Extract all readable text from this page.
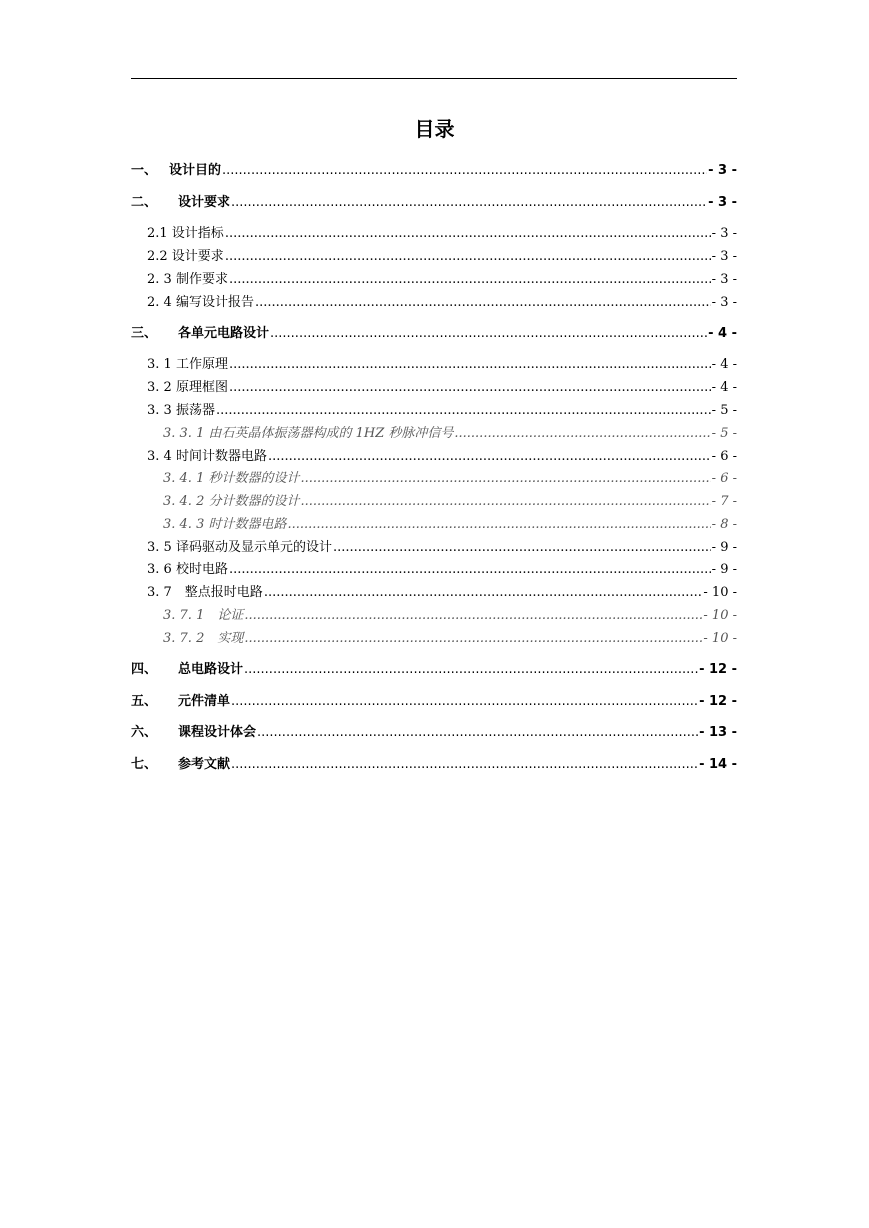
目录
一、 设计目的 .....	- 3 -
二、	设计要求 .....	- 3 -
2.1 设计指标 .....	- 3 -
2.2 设计要求 .....	- 3 -
2. 3 制作要求 .....	- 3 -
2. 4 编写设计报告 .....	- 3 -
三、	各单元电路设计 .....	- 4 -
3. 1 工作原理 .....	- 4 -
3. 2 原理框图 .....	- 4 -
3. 3 振荡器 .....	- 5 -
3. 3. 1 由石英晶体振荡器构成的 1HZ 秒脉冲信号 .....	- 5 -
3. 4 时间计数器电路 .....	- 6 -
3. 4. 1 秒计数器的设计 .....	- 6 -
3. 4. 2 分计数器的设计 .....	- 7 -
3. 4. 3 时计数器电路 .....	- 8 -
3. 5 译码驱动及显示单元的设计 .....	- 9 -
3. 6 校时电路 .....	- 9 -
3. 7　整点报时电路 .....	- 10 -
3. 7. 1　论证 .....	- 10 -
3. 7. 2　实现 .....	- 10 -
四、	总电路设计 .....	- 12 -
五、	元件清单 .....	- 12 -
六、	课程设计体会 .....	- 13 -
七、	参考文献 .....	- 14 -
